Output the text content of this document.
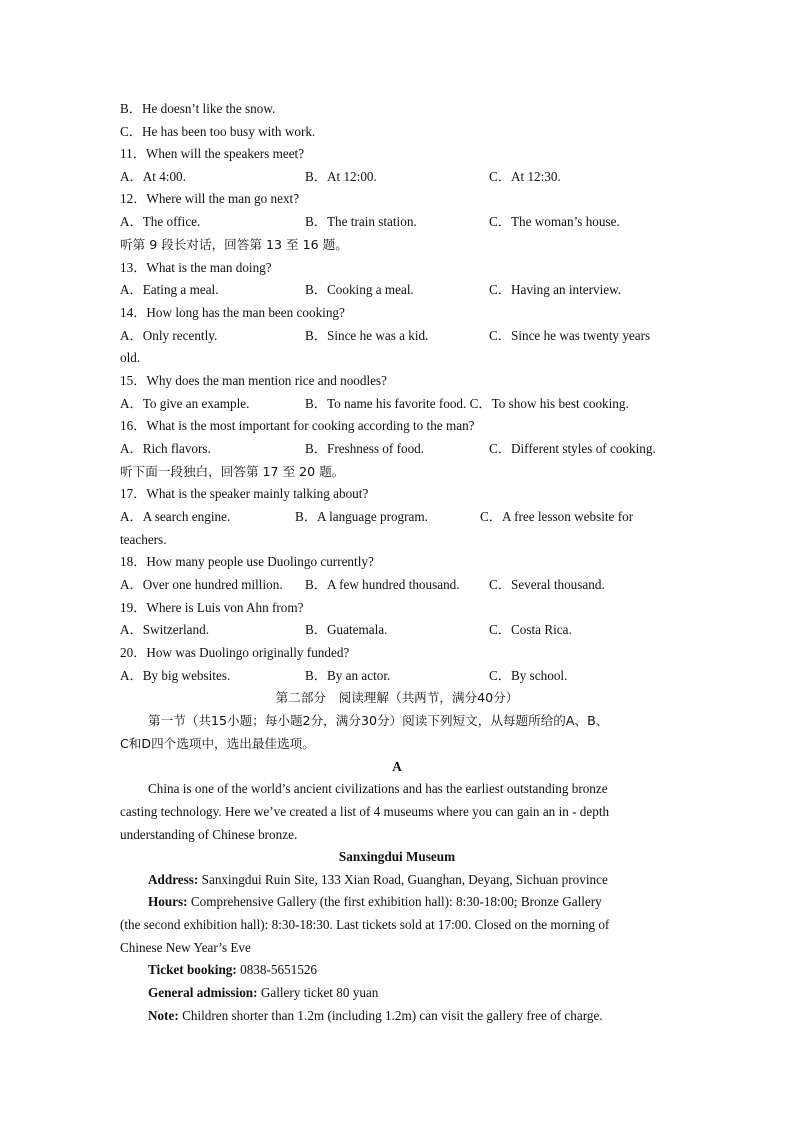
B．He doesn’t like the snow.
C．He has been too busy with work.
11．When will the speakers meet?
A．At 4:00.	B．At 12:00.	C．At 12:30.
12．Where will the man go next?
A．The office.	B．The train station.	C．The woman’s house.
听第 9 段长对话，回答第 13 至 16 题。
13．What is the man doing?
A．Eating a meal.	B．Cooking a meal.	C．Having an interview.
14．How long has the man been cooking?
A．Only recently.	B．Since he was a kid.	C．Since he was twenty years
old.
15．Why does the man mention rice and noodles?
A．To give an example.	B．To name his favorite food. C．To show his best cooking.
16．What is the most important for cooking according to the man?
A．Rich flavors.	B．Freshness of food.	C．Different styles of cooking.
听下面一段独白，回答第 17 至 20 题。
17．What is the speaker mainly talking about?
A．A search engine.	B．A language program.	C．A free lesson website for
teachers.
18．How many people use Duolingo currently?
A．Over one hundred million. B．A few hundred thousand. C．Several thousand.
19．Where is Luis von Ahn from?
A．Switzerland.	B．Guatemala.	C．Costa Rica.
20．How was Duolingo originally funded?
A．By big websites.	B．By an actor.	C．By school.
第二部分　阅读理解（共两节，满分40分）
第一节（共15小题；每小题2分，满分30分）阅读下列短文，从每题所给的A、B、
C和D四个选项中，选出最佳选项。
A
China is one of the world’s ancient civilizations and has the earliest outstanding bronze
casting technology. Here we’ve created a list of 4 museums where you can gain an in - depth
understanding of Chinese bronze.
Sanxingdui Museum
Address: Sanxingdui Ruin Site, 133 Xian Road, Guanghan, Deyang, Sichuan province
Hours: Comprehensive Gallery (the first exhibition hall): 8:30-18:00; Bronze Gallery
(the second exhibition hall): 8:30-18:30. Last tickets sold at 17:00. Closed on the morning of
Chinese New Year’s Eve
Ticket booking: 0838-5651526
General admission: Gallery ticket 80 yuan
Note: Children shorter than 1.2m (including 1.2m) can visit the gallery free of charge.
